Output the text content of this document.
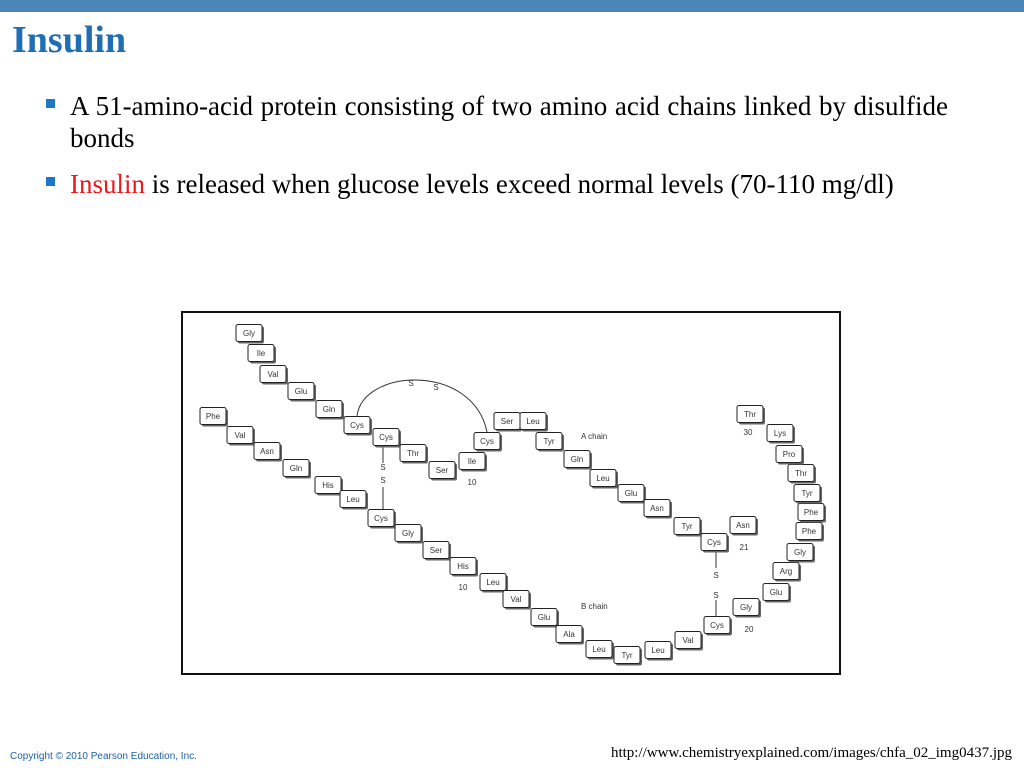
Insulin
A 51-amino-acid protein consisting of two amino acid chains linked by disulfide bonds
Insulin is released when glucose levels exceed normal levels (70-110 mg/dl)
Gly
Ile
Val
Glu
Gln
Cys
Cys
Thr
Ser
Ile
Cys
Ser Leu
Tyr
Gln
Leu
Glu
Asn
Tyr
Cys
Asn
Phe
Val
Asn
Gln
His
Leu
Cys
Gly
Ser
His
Leu
Val
Glu
Ala
Leu
Tyr
Leu
Val
Cys
Gly
Glu
Arg
Gly
Phe
Phe
Tyr
Thr
Pro
Lys
Thr
S S
S
S
S
S
A chain
B chain
10
21
10
20
30
Copyright © 2010 Pearson Education, Inc.	http://www.chemistryexplained.com/images/chfa_02_img0437.jpg
